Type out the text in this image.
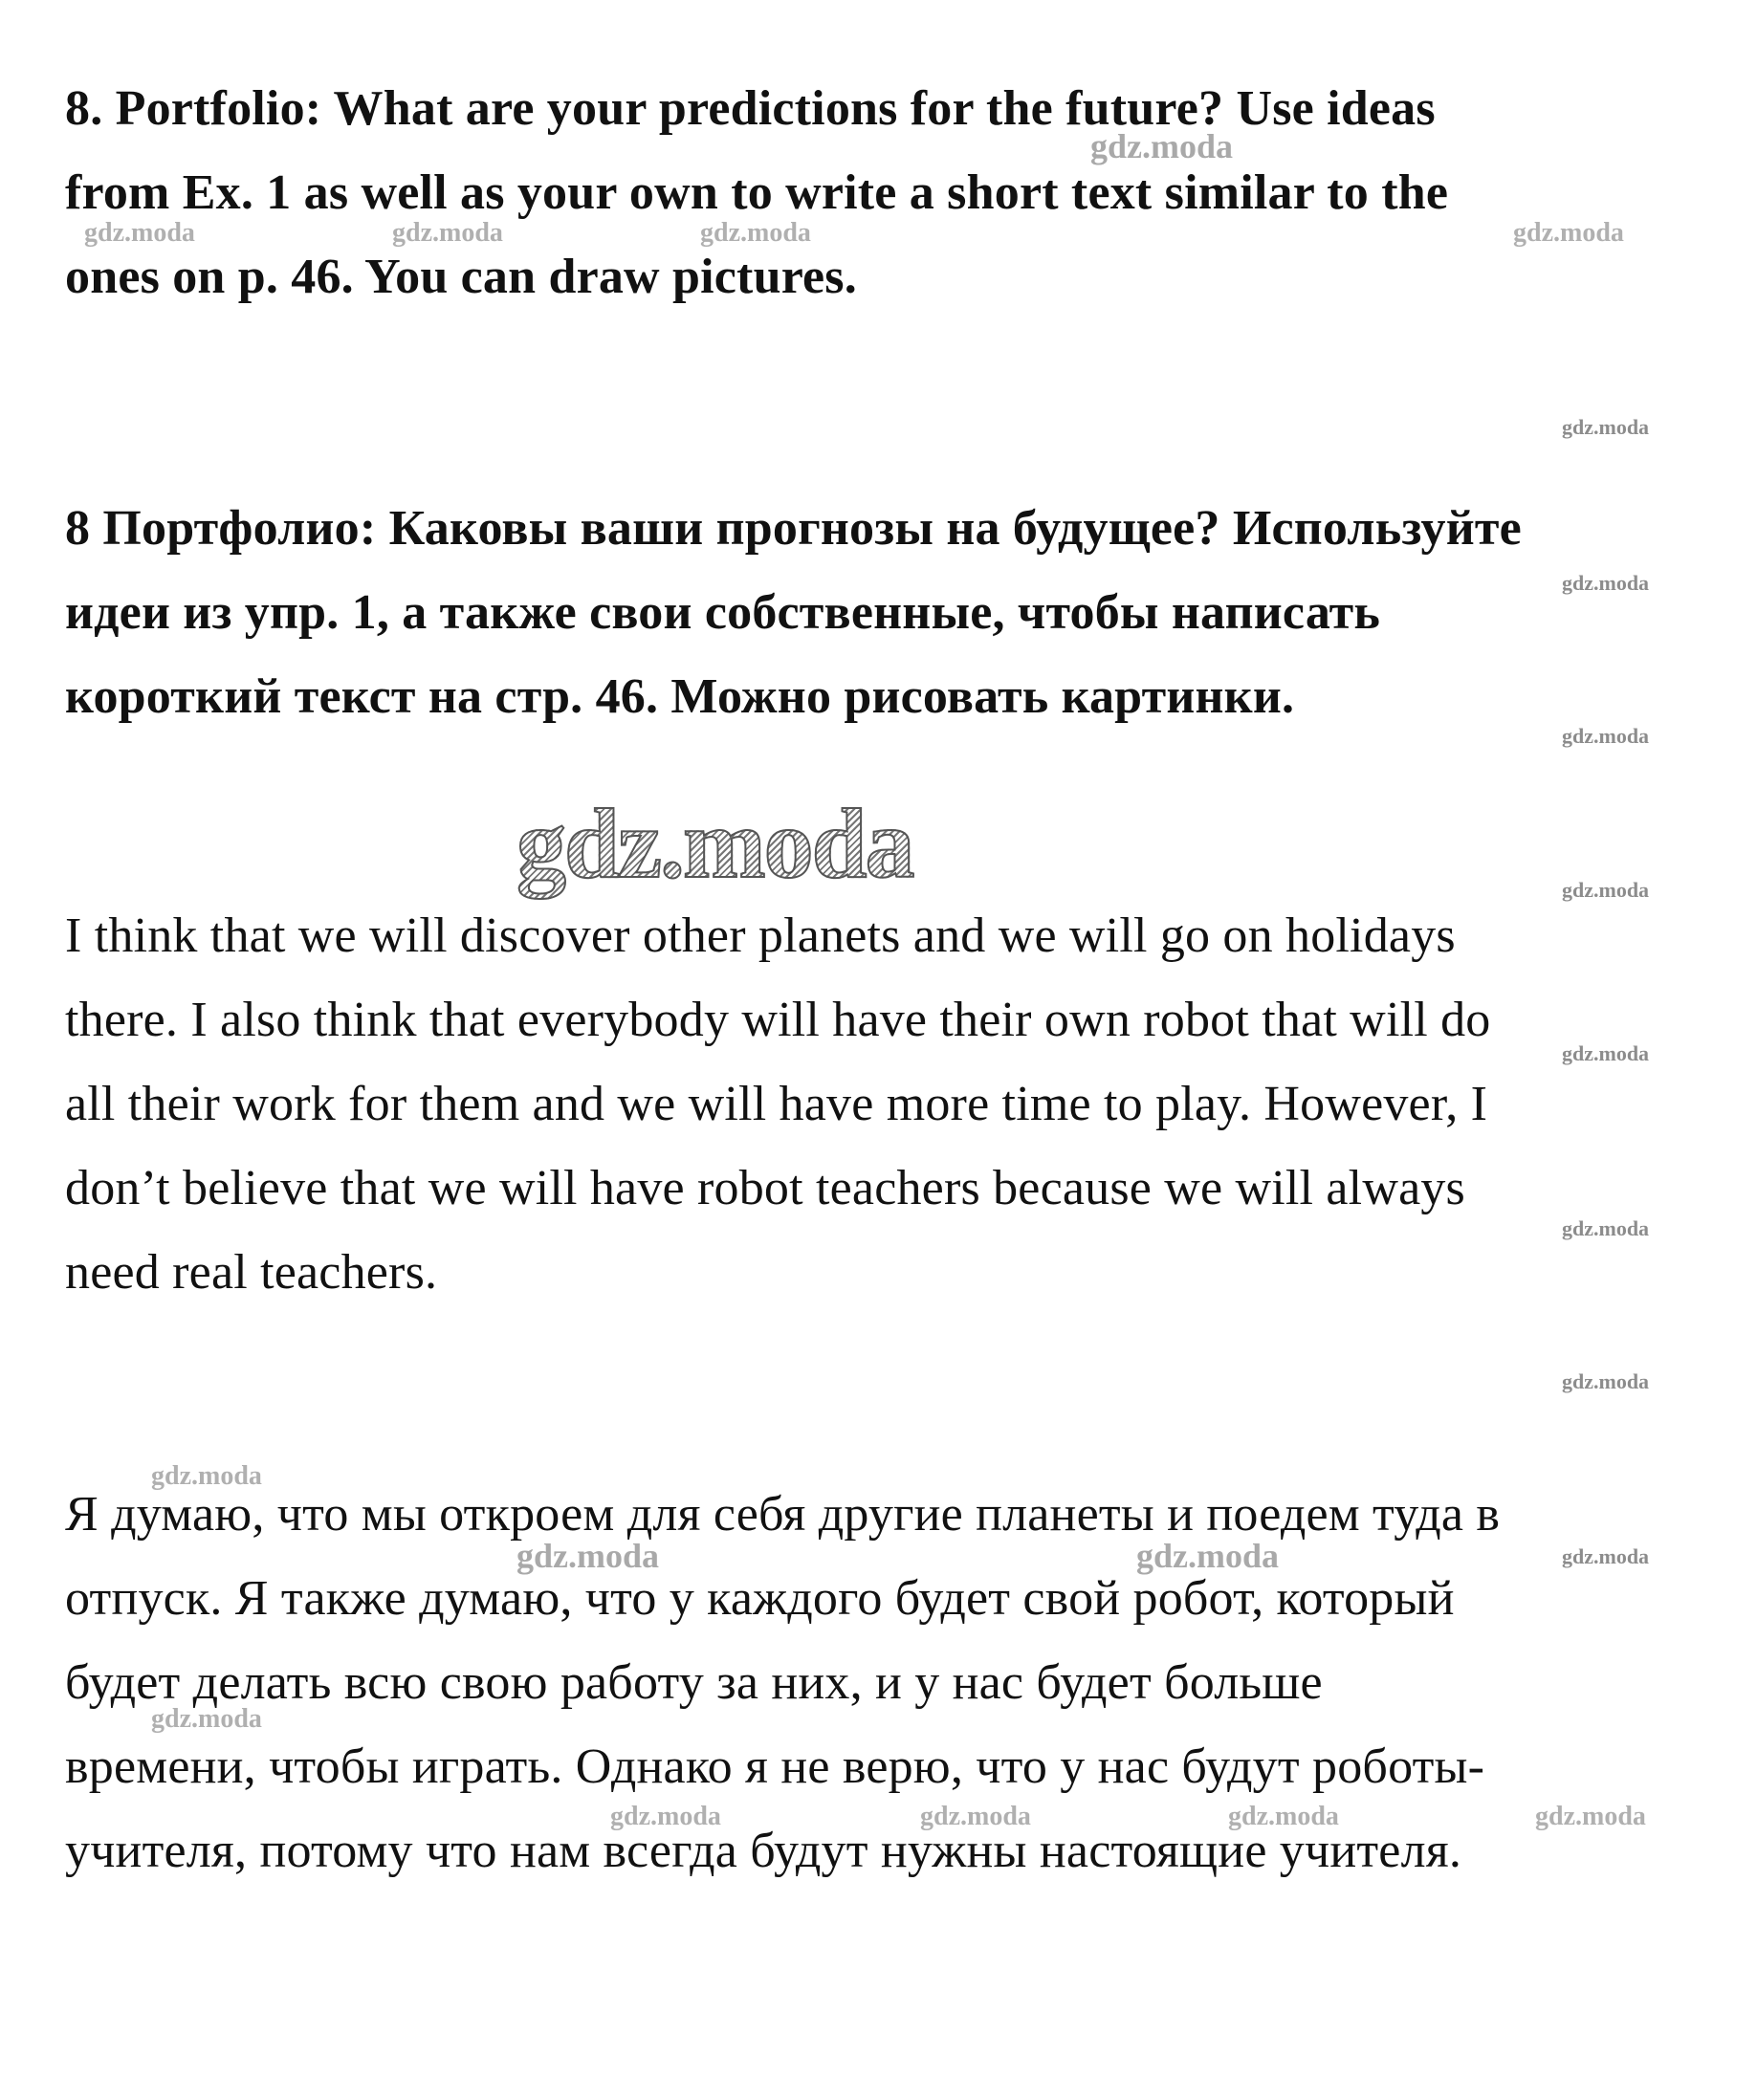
8. Portfolio: What are your predictions for the future? Use ideas
from Ex. 1 as well as your own to write a short text similar to the
ones on p. 46. You can draw pictures.

8 Портфолио: Каковы ваши прогнозы на будущее? Используйте
идеи из упр. 1, а также свои собственные, чтобы написать
короткий текст на стр. 46. Можно рисовать картинки.

I think that we will discover other planets and we will go on holidays
there. I also think that everybody will have their own robot that will do
all their work for them and we will have more time to play. However, I
don’t believe that we will have robot teachers because we will always
need real teachers.

Я думаю, что мы откроем для себя другие планеты и поедем туда в
отпуск. Я также думаю, что у каждого будет свой робот, который
будет делать всю свою работу за них, и у нас будет больше
времени, чтобы играть. Однако я не верю, что у нас будут роботы-
учителя, потому что нам всегда будут нужны настоящие учителя.

gdz.moda
gdz.moda	gdz.moda	gdz.moda	gdz.moda
gdz.moda
gdz.moda
gdz.moda
gdz.moda	gdz.moda
gdz.moda
gdz.moda
gdz.moda
gdz.moda
gdz.moda	gdz.moda	gdz.moda
gdz.moda
gdz.moda	gdz.moda	gdz.moda	gdz.moda
